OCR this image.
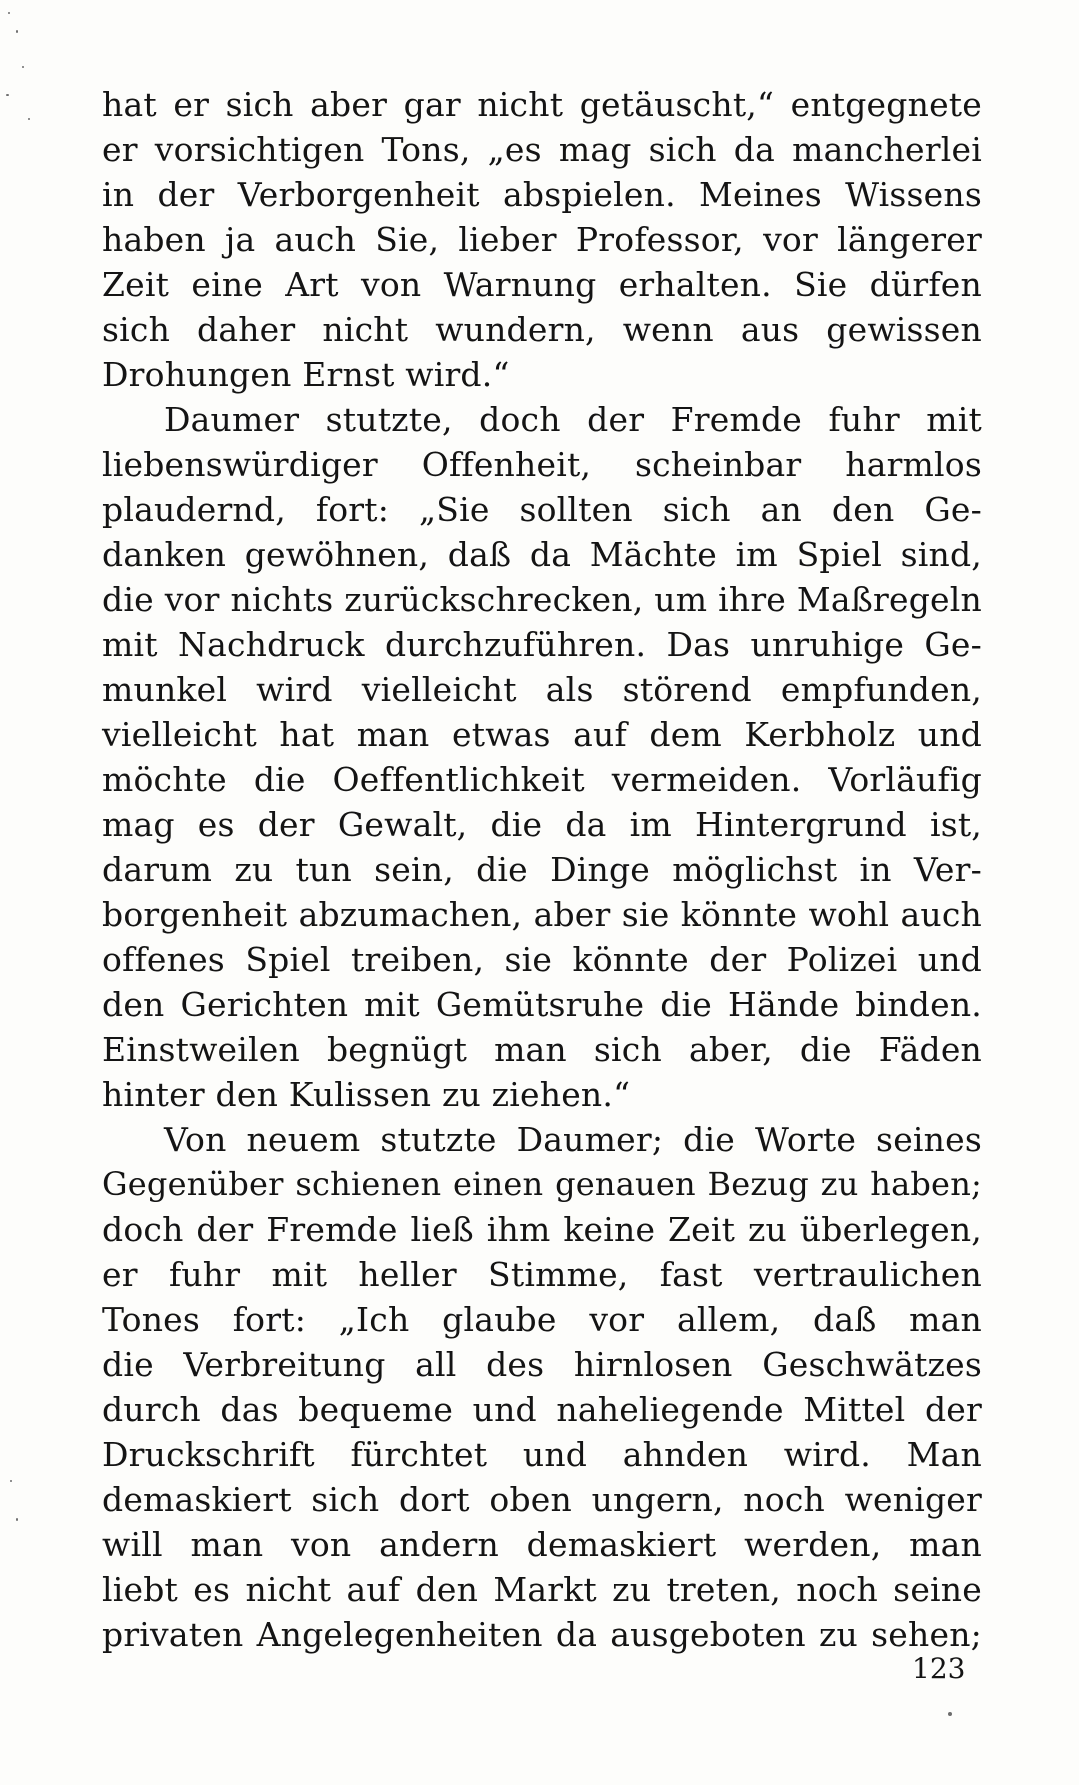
hat er sich aber gar nicht getäuscht,“ entgegnete
er vorsichtigen Tons, „es mag sich da mancherlei
in der Verborgenheit abspielen. Meines Wissens
haben ja auch Sie, lieber Professor, vor längerer
Zeit eine Art von Warnung erhalten. Sie dürfen
sich daher nicht wundern, wenn aus gewissen
Drohungen Ernst wird.“
Daumer stutzte, doch der Fremde fuhr mit
liebenswürdiger Offenheit, scheinbar harmlos
plaudernd, fort: „Sie sollten sich an den Ge-
danken gewöhnen, daß da Mächte im Spiel sind,
die vor nichts zurückschrecken, um ihre Maßregeln
mit Nachdruck durchzuführen. Das unruhige Ge-
munkel wird vielleicht als störend empfunden,
vielleicht hat man etwas auf dem Kerbholz und
möchte die Oeffentlichkeit vermeiden. Vorläufig
mag es der Gewalt, die da im Hintergrund ist,
darum zu tun sein, die Dinge möglichst in Ver-
borgenheit abzumachen, aber sie könnte wohl auch
offenes Spiel treiben, sie könnte der Polizei und
den Gerichten mit Gemütsruhe die Hände binden.
Einstweilen begnügt man sich aber, die Fäden
hinter den Kulissen zu ziehen.“
Von neuem stutzte Daumer; die Worte seines
Gegenüber schienen einen genauen Bezug zu haben;
doch der Fremde ließ ihm keine Zeit zu überlegen,
er fuhr mit heller Stimme, fast vertraulichen
Tones fort: „Ich glaube vor allem, daß man
die Verbreitung all des hirnlosen Geschwätzes
durch das bequeme und naheliegende Mittel der
Druckschrift fürchtet und ahnden wird. Man
demaskiert sich dort oben ungern, noch weniger
will man von andern demaskiert werden, man
liebt es nicht auf den Markt zu treten, noch seine
privaten Angelegenheiten da ausgeboten zu sehen;
123
